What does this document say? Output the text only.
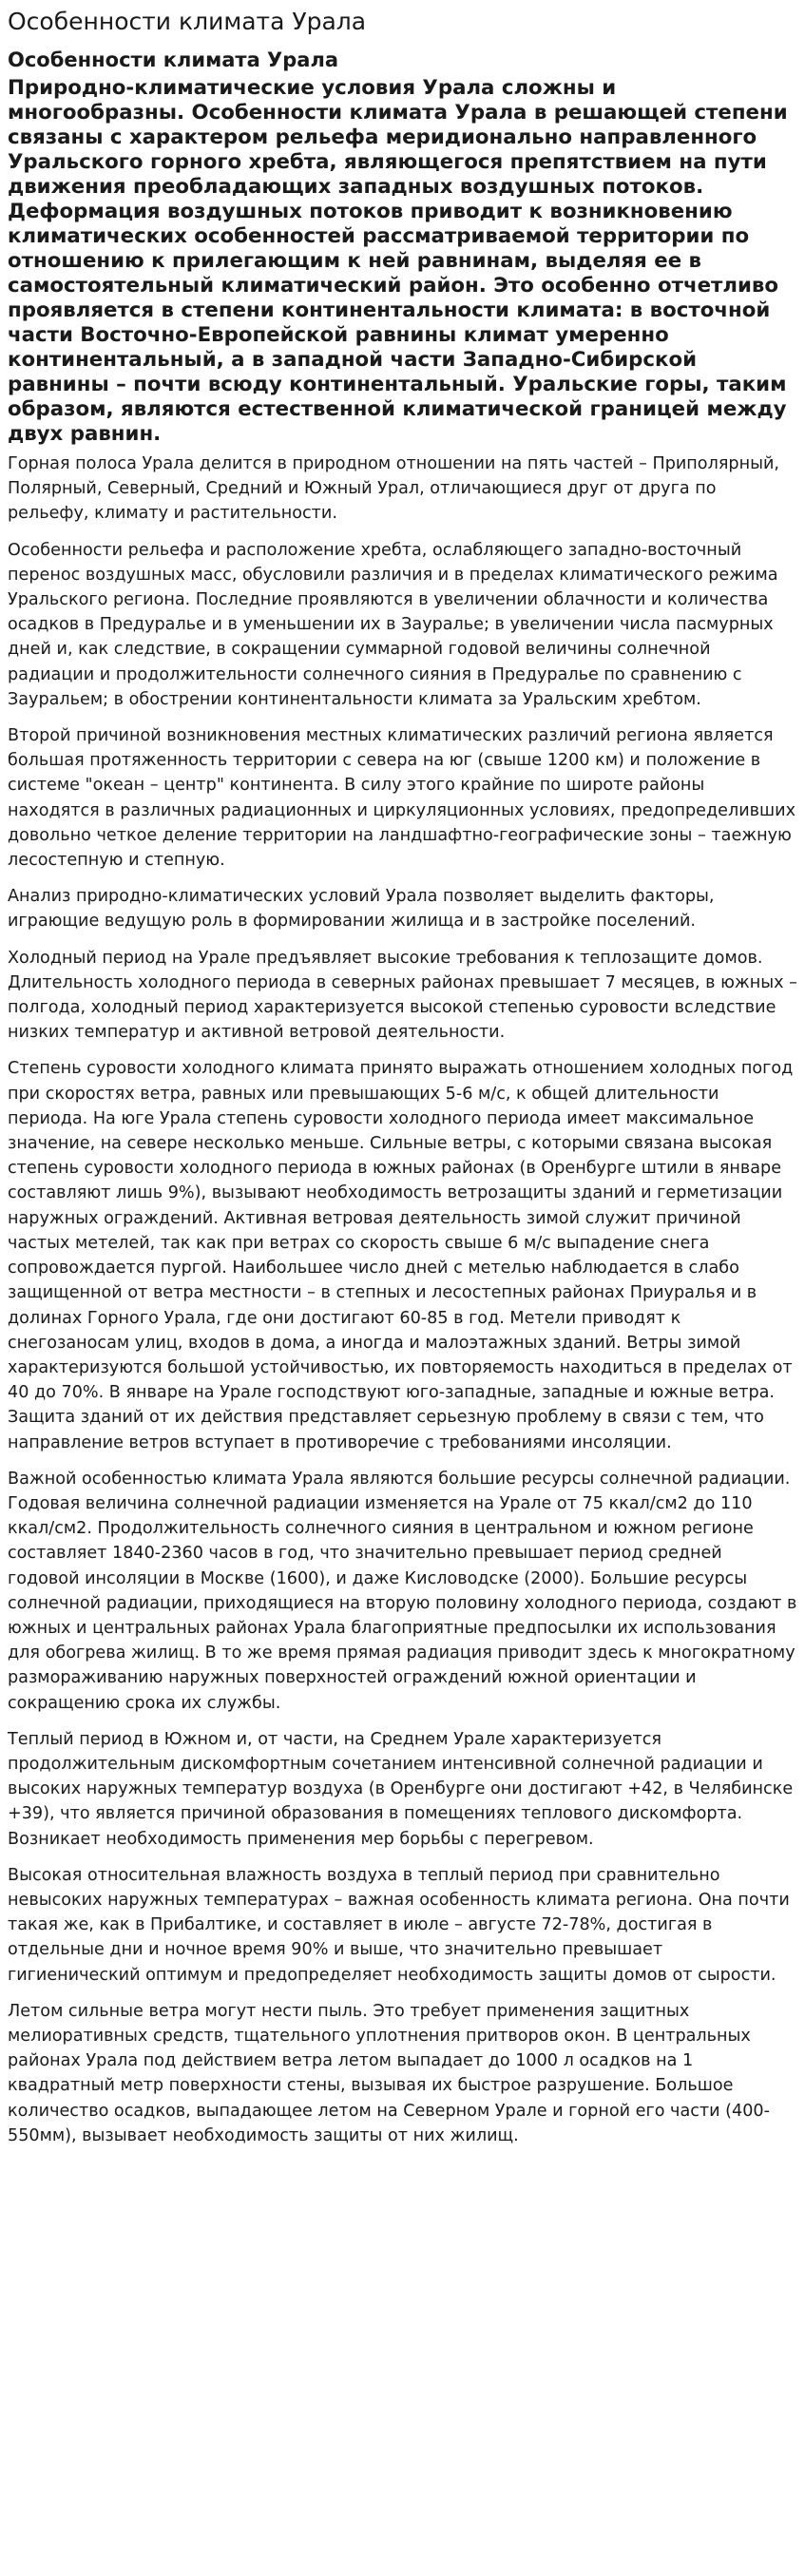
Особенности климата Урала
Особенности климата Урала

Природно-климатические условия Урала сложны и многообразны. Особенности климата Урала в решающей степени связаны с характером рельефа меридионально направленного Уральского горного хребта, являющегося препятствием на пути движения преобладающих западных воздушных потоков. Деформация воздушных потоков приводит к возникновению климатических особенностей рассматриваемой территории по отношению к прилегающим к ней равнинам, выделяя ее в самостоятельный климатический район. Это особенно отчетливо проявляется в степени континентальности климата: в восточной части Восточно-Европейской равнины климат умеренно континентальный, а в западной части Западно-Сибирской равнины – почти всюду континентальный. Уральские горы, таким образом, являются естественной климатической границей между двух равнин.

Горная полоса Урала делится в природном отношении на пять частей – Приполярный, Полярный, Северный, Средний и Южный Урал, отличающиеся друг от друга по рельефу, климату и растительности.

Особенности рельефа и расположение хребта, ослабляющего западно-восточный перенос воздушных масс, обусловили различия и в пределах климатического режима Уральского региона. Последние проявляются в увеличении облачности и количества осадков в Предуралье и в уменьшении их в Зауралье; в увеличении числа пасмурных дней и, как следствие, в сокращении суммарной годовой величины солнечной радиации и продолжительности солнечного сияния в Предуралье по сравнению с Зауральем; в обострении континентальности климата за Уральским хребтом.

Второй причиной возникновения местных климатических различий региона является большая протяженность территории с севера на юг (свыше 1200 км) и положение в системе "океан – центр" континента. В силу этого крайние по широте районы находятся в различных радиационных и циркуляционных условиях, предопределивших довольно четкое деление территории на ландшафтно-географические зоны – таежную лесостепную и степную.

Анализ природно-климатических условий Урала позволяет выделить факторы, играющие ведущую роль в формировании жилища и в застройке поселений.

Холодный период на Урале предъявляет высокие требования к теплозащите домов. Длительность холодного периода в северных районах превышает 7 месяцев, в южных – полгода, холодный период характеризуется высокой степенью суровости вследствие низких температур и активной ветровой деятельности.

Степень суровости холодного климата принято выражать отношением холодных погод при скоростях ветра, равных или превышающих 5-6 м/с, к общей длительности периода. На юге Урала степень суровости холодного периода имеет максимальное значение, на севере несколько меньше. Сильные ветры, с которыми связана высокая степень суровости холодного периода в южных районах (в Оренбурге штили в январе составляют лишь 9%), вызывают необходимость ветрозащиты зданий и герметизации наружных ограждений. Активная ветровая деятельность зимой служит причиной частых метелей, так как при ветрах со скорость свыше 6 м/с выпадение снега сопровождается пургой. Наибольшее число дней с метелью наблюдается в слабо защищенной от ветра местности – в степных и лесостепных районах Приуралья и в долинах Горного Урала, где они достигают 60-85 в год. Метели приводят к снегозаносам улиц, входов в дома, а иногда и малоэтажных зданий. Ветры зимой характеризуются большой устойчивостью, их повторяемость находиться в пределах от 40 до 70%. В январе на Урале господствуют юго-западные, западные и южные ветра. Защита зданий от их действия представляет серьезную проблему в связи с тем, что направление ветров вступает в противоречие с требованиями инсоляции.

Важной особенностью климата Урала являются большие ресурсы солнечной радиации. Годовая величина солнечной радиации изменяется на Урале от 75 ккал/см2 до 110 ккал/см2. Продолжительность солнечного сияния в центральном и южном регионе составляет 1840-2360 часов в год, что значительно превышает период средней годовой инсоляции в Москве (1600), и даже Кисловодске (2000). Большие ресурсы солнечной радиации, приходящиеся на вторую половину холодного периода, создают в южных и центральных районах Урала благоприятные предпосылки их использования для обогрева жилищ. В то же время прямая радиация приводит здесь к многократному размораживанию наружных поверхностей ограждений южной ориентации и сокращению срока их службы.

Теплый период в Южном и, от части, на Среднем Урале характеризуется продолжительным дискомфортным сочетанием интенсивной солнечной радиации и высоких наружных температур воздуха (в Оренбурге они достигают +42, в Челябинске +39), что является причиной образования в помещениях теплового дискомфорта. Возникает необходимость применения мер борьбы с перегревом.

Высокая относительная влажность воздуха в теплый период при сравнительно невысоких наружных температурах – важная особенность климата региона. Она почти такая же, как в Прибалтике, и составляет в июле – августе 72-78%, достигая в отдельные дни и ночное время 90% и выше, что значительно превышает гигиенический оптимум и предопределяет необходимость защиты домов от сырости.

Летом сильные ветра могут нести пыль. Это требует применения защитных мелиоративных средств, тщательного уплотнения притворов окон. В центральных районах Урала под действием ветра летом выпадает до 1000 л осадков на 1 квадратный метр поверхности стены, вызывая их быстрое разрушение. Большое количество осадков, выпадающее летом на Северном Урале и горной его части (400-550мм), вызывает необходимость защиты от них жилищ.
